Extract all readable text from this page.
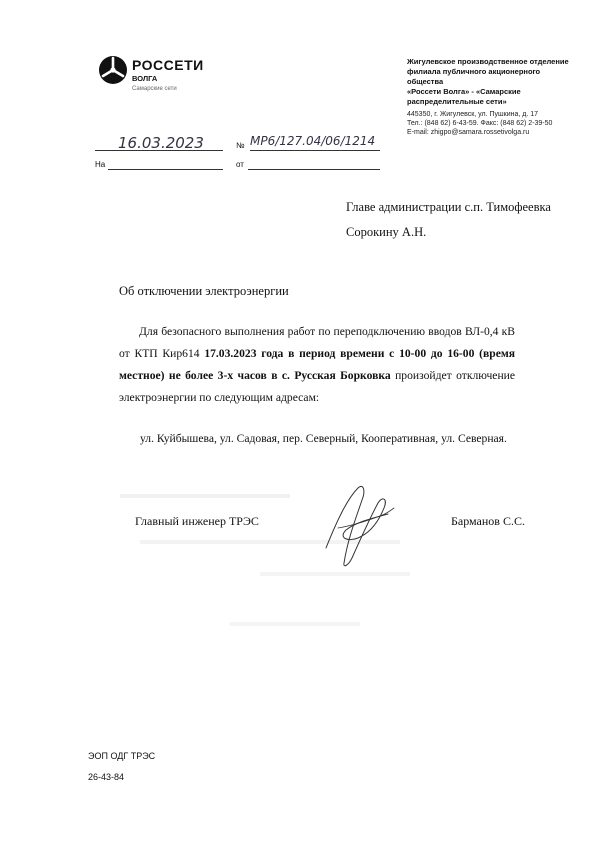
РОССЕТИ
ВОЛГА
Самарские сети
Жигулевское производственное отделение
филиала публичного акционерного общества
«Россети Волга» - «Самарские
распределительные сети»
445350, г. Жигулевск, ул. Пушкина, д. 17
Тел.: (848 62) 6-43-59. Факс: (848 62) 2-39-50
E-mail: zhigpo@samara.rossetivolga.ru
16.03.2023	№ МР6/127.04/06/1214
На	от
Главе администрации с.п. Тимофеевка
Сорокину А.Н.
Об отключении электроэнергии

Для безопасного выполнения работ по переподключению вводов ВЛ-0,4 кВ от КТП Кир614 17.03.2023 года в период времени с 10-00 до 16-00 (время местное) не более 3-х часов в с. Русская Борковка произойдет отключение электроэнергии по следующим адресам:

ул. Куйбышева, ул. Садовая, пер. Северный, Кооперативная, ул. Северная.
Главный инженер ТРЭС	Барманов С.С.
ЭОП ОДГ ТРЭС
26-43-84
